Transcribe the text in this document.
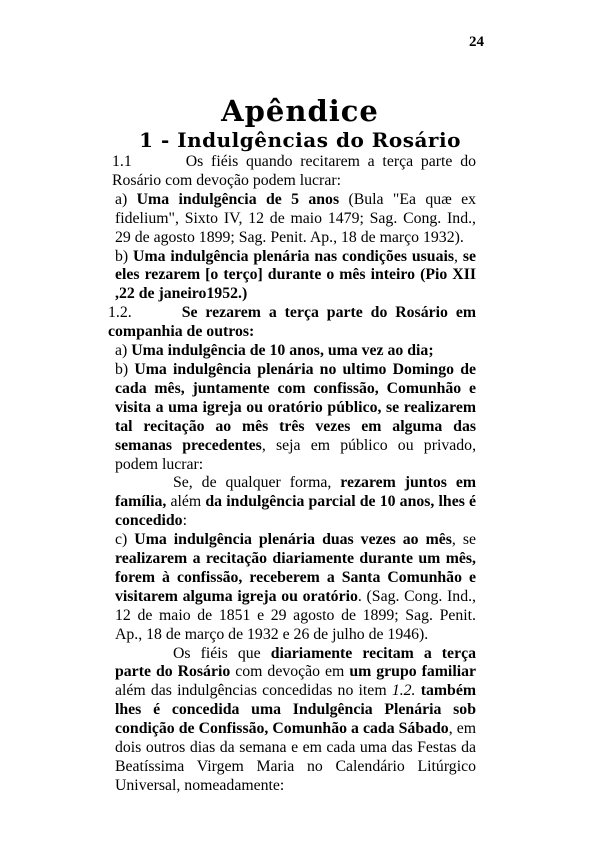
24
Apêndice
1 - Indulgências do Rosário

1.1	Os fiéis quando recitarem a terça parte do Rosário com devoção podem lucrar:

a) Uma indulgência de 5 anos (Bula "Ea quæ ex fidelium", Sixto IV, 12 de maio 1479; Sag. Cong. Ind., 29 de agosto 1899; Sag. Penit. Ap., 18 de março 1932).

b) Uma indulgência plenária nas condições usuais, se eles rezarem [o terço] durante o mês inteiro (Pio XII ,22 de janeiro1952.)

1.2.	Se rezarem a terça parte do Rosário em companhia de outros:

a) Uma indulgência de 10 anos, uma vez ao dia;

b) Uma indulgência plenária no ultimo Domingo de cada mês, juntamente com confissão, Comunhão e visita a uma igreja ou oratório público, se realizarem tal recitação ao mês três vezes em alguma das semanas precedentes, seja em público ou privado, podem lucrar:

Se, de qualquer forma, rezarem juntos em família, além da indulgência parcial de 10 anos, lhes é concedido:

c) Uma indulgência plenária duas vezes ao mês, se realizarem a recitação diariamente durante um mês, forem à confissão, receberem a Santa Comunhão e visitarem alguma igreja ou oratório. (Sag. Cong. Ind., 12 de maio de 1851 e 29 agosto de 1899; Sag. Penit. Ap., 18 de março de 1932 e 26 de julho de 1946).

Os fiéis que diariamente recitam a terça parte do Rosário com devoção em um grupo familiar além das indulgências concedidas no item 1.2. também lhes é concedida uma Indulgência Plenária sob condição de Confissão, Comunhão a cada Sábado, em dois outros dias da semana e em cada uma das Festas da Beatíssima Virgem Maria no Calendário Litúrgico Universal, nomeadamente:
